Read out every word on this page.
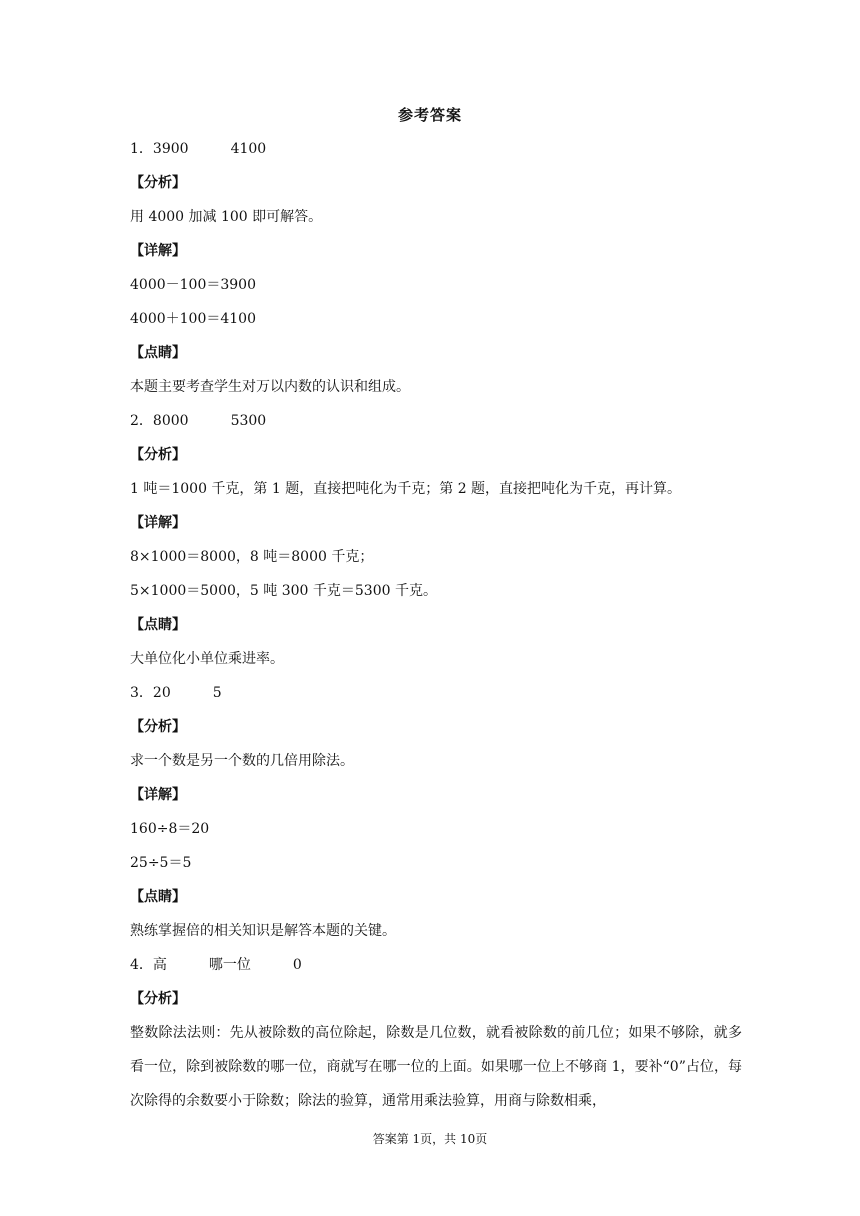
参考答案
1．3900	4100
【分析】
用 4000 加减 100 即可解答。
【详解】
4000－100＝3900
4000＋100＝4100
【点睛】
本题主要考查学生对万以内数的认识和组成。
2．8000	5300
【分析】
1 吨＝1000 千克，第 1 题，直接把吨化为千克；第 2 题，直接把吨化为千克，再计算。
【详解】
8×1000＝8000，8 吨＝8000 千克；
5×1000＝5000，5 吨 300 千克＝5300 千克。
【点睛】
大单位化小单位乘进率。
3．20	5
【分析】
求一个数是另一个数的几倍用除法。
【详解】
160÷8＝20
25÷5＝5
【点睛】
熟练掌握倍的相关知识是解答本题的关键。
4．高	哪一位	0
【分析】
整数除法法则：先从被除数的高位除起，除数是几位数，就看被除数的前几位；如果不够除，就多看一位，除到被除数的哪一位，商就写在哪一位的上面。如果哪一位上不够商 1，要补“0”占位，每次除得的余数要小于除数；除法的验算，通常用乘法验算，用商与除数相乘，
答案第 1页，共 10页
